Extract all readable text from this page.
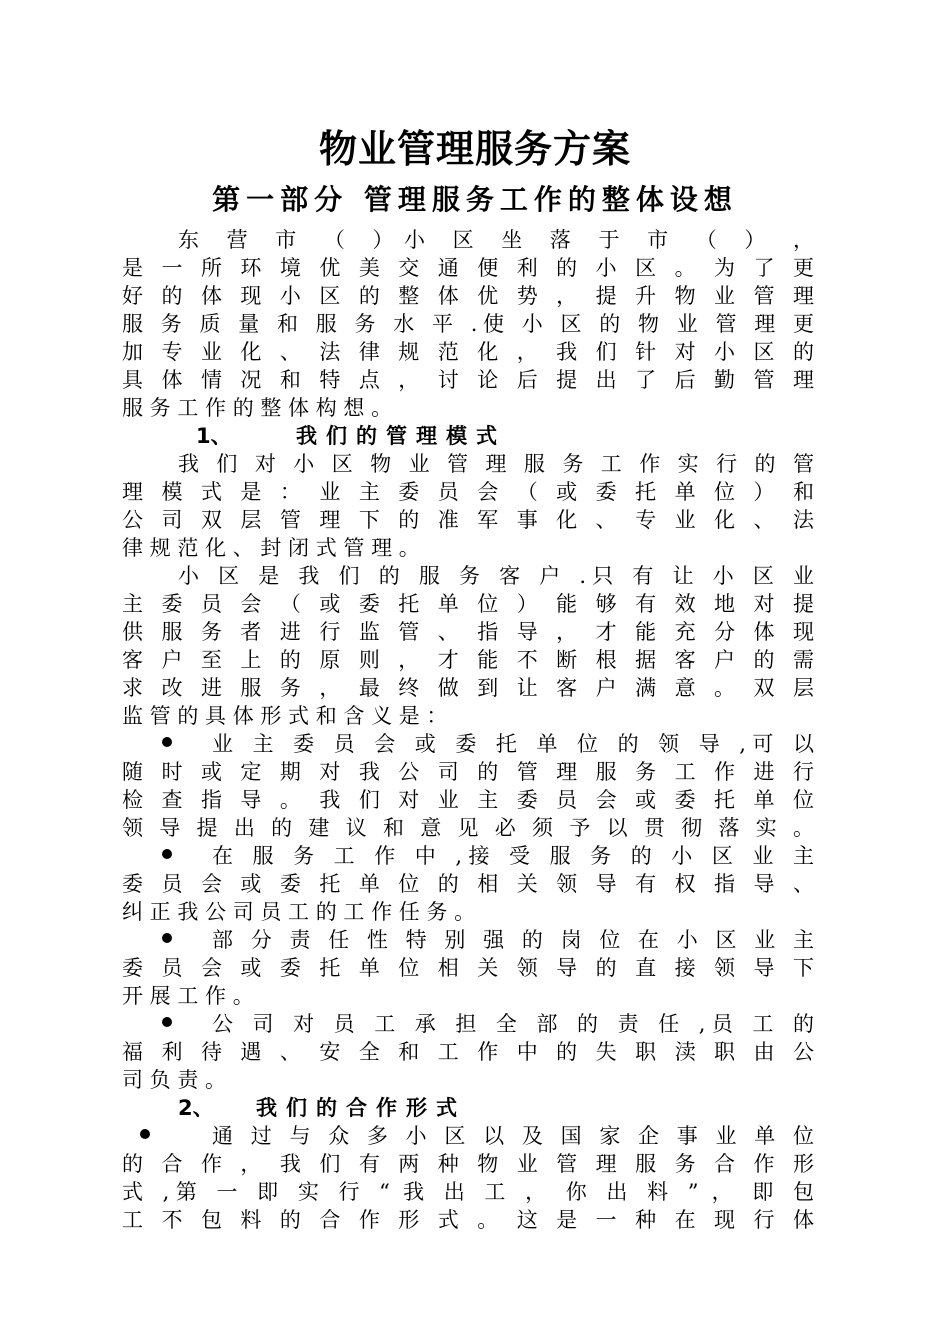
物业管理服务方案
第一部分 管理服务工作的整体设想
东 营 市 （ ）小 区 坐 落 于 市 （ ） ，
是 一 所 环 境 优 美 交 通 便 利 的 小 区 。 为 了 更
好 的 体 现 小 区 的 整 体 优 势 ， 提 升 物 业 管 理
服 务 质 量 和 服 务 水 平 .使 小 区 的 物 业 管 理 更
加 专 业 化 、 法 律 规 范 化 ， 我 们 针 对 小 区 的
具 体 情 况 和 特 点 ， 讨 论 后 提 出 了 后 勤 管 理
服 务 工 作 的 整 体 构 想 。
1、	我们的管理模式
我 们 对 小 区 物 业 管 理 服 务 工 作 实 行 的 管
理 模 式 是 ： 业 主 委 员 会 （ 或 委 托 单 位 ） 和
公 司 双 层 管 理 下 的 准 军 事 化 、 专 业 化 、 法
律 规 范 化 、 封 闭 式 管 理 。
小 区 是 我 们 的 服 务 客 户 .只 有 让 小 区 业
主 委 员 会 （ 或 委 托 单 位 ） 能 够 有 效 地 对 提
供 服 务 者 进 行 监 管 、 指 导 ， 才 能 充 分 体 现
客 户 至 上 的 原 则 ， 才 能 不 断 根 据 客 户 的 需
求 改 进 服 务 ， 最 终 做 到 让 客 户 满 意 。 双 层
监 管 的 具 体 形 式 和 含 义 是 ：
业 主 委 员 会 或 委 托 单 位 的 领 导 ,可 以
随 时 或 定 期 对 我 公 司 的 管 理 服 务 工 作 进 行
检 查 指 导 。 我 们 对 业 主 委 员 会 或 委 托 单 位
领 导 提 出 的 建 议 和 意 见 必 须 予 以 贯 彻 落 实 。
在 服 务 工 作 中 ,接 受 服 务 的 小 区 业 主
委 员 会 或 委 托 单 位 的 相 关 领 导 有 权 指 导 、
纠 正 我 公 司 员 工 的 工 作 任 务 。
部 分 责 任 性 特 别 强 的 岗 位 在 小 区 业 主
委 员 会 或 委 托 单 位 相 关 领 导 的 直 接 领 导 下
开 展 工 作 。
公 司 对 员 工 承 担 全 部 的 责 任 ,员 工 的
福 利 待 遇 、 安 全 和 工 作 中 的 失 职 渎 职 由 公
司 负 责 。
2、 我们的合作形式
通 过 与 众 多 小 区 以 及 国 家 企 事 业 单 位
的 合 作 ， 我 们 有 两 种 物 业 管 理 服 务 合 作 形
式 ,第 一 即 实 行 “ 我 出 工 ， 你 出 料 ” ， 即 包
工 不 包 料 的 合 作 形 式 。 这 是 一 种 在 现 行 体
